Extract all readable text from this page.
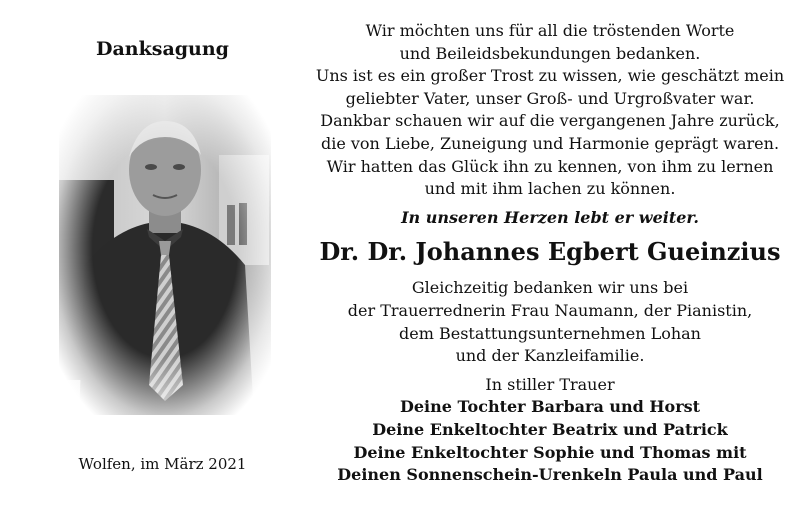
Danksagung
Wolfen, im März 2021

Wir möchten uns für all die tröstenden Worte

und Beileidsbekundungen bedanken.

Uns ist es ein großer Trost zu wissen, wie geschätzt mein

geliebter Vater, unser Groß- und Urgroßvater war.

Dankbar schauen wir auf die vergangenen Jahre zurück,

die von Liebe, Zuneigung und Harmonie geprägt waren.

Wir hatten das Glück ihn zu kennen, von ihm zu lernen

und mit ihm lachen zu können.

In unseren Herzen lebt er weiter.

Dr. Dr. Johannes Egbert Gueinzius

Gleichzeitig bedanken wir uns bei

der Trauerrednerin Frau Naumann, der Pianistin,

dem Bestattungsunternehmen Lohan

und der Kanzleifamilie.

In stiller Trauer

Deine Tochter Barbara und Horst

Deine Enkeltochter Beatrix und Patrick

Deine Enkeltochter Sophie und Thomas mit

Deinen Sonnenschein-Urenkeln Paula und Paul
